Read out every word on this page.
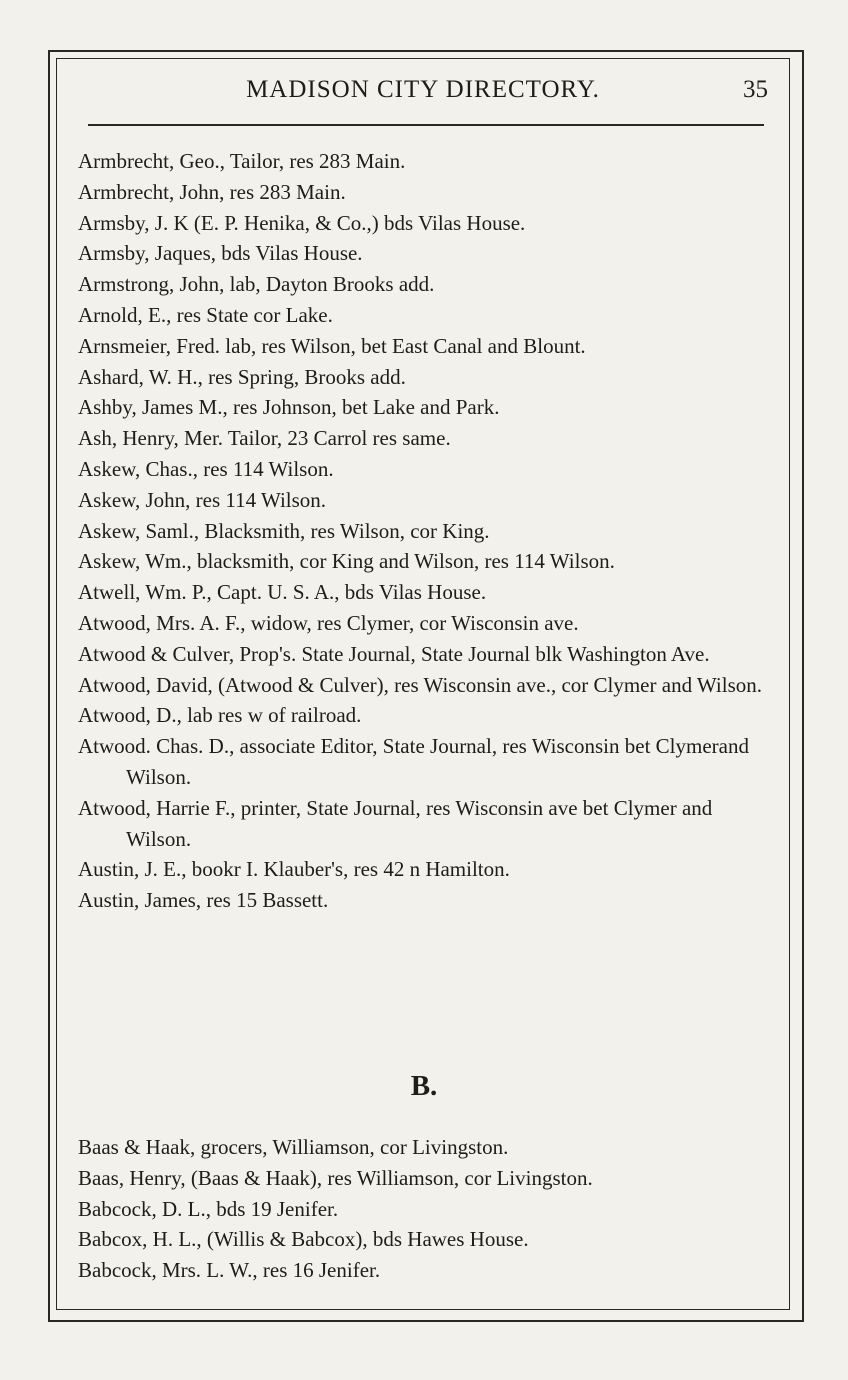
MADISON CITY DIRECTORY.	35
Armbrecht, Geo., Tailor, res 283 Main.
Armbrecht, John, res 283 Main.
Armsby, J. K (E. P. Henika, & Co.,) bds Vilas House.
Armsby, Jaques, bds Vilas House.
Armstrong, John, lab, Dayton Brooks add.
Arnold, E., res State cor Lake.
Arnsmeier, Fred. lab, res Wilson, bet East Canal and Blount.
Ashard, W. H., res Spring, Brooks add.
Ashby, James M., res Johnson, bet Lake and Park.
Ash, Henry, Mer. Tailor, 23 Carrol res same.
Askew, Chas., res 114 Wilson.
Askew, John, res 114 Wilson.
Askew, Saml., Blacksmith, res Wilson, cor King.
Askew, Wm., blacksmith, cor King and Wilson, res 114 Wilson.
Atwell, Wm. P., Capt. U. S. A., bds Vilas House.
Atwood, Mrs. A. F., widow, res Clymer, cor Wisconsin ave.
Atwood & Culver, Prop's. State Journal, State Journal blk Washington Ave.
Atwood, David, (Atwood & Culver), res Wisconsin ave., cor Clymer and Wilson.
Atwood, D., lab res w of railroad.
Atwood. Chas. D., associate Editor, State Journal, res Wisconsin bet Clymerand Wilson.
Atwood, Harrie F., printer, State Journal, res Wisconsin ave bet Clymer and Wilson.
Austin, J. E., bookr I. Klauber's, res 42 n Hamilton.
Austin, James, res 15 Bassett.
B.
Baas & Haak, grocers, Williamson, cor Livingston.
Baas, Henry, (Baas & Haak), res Williamson, cor Livingston.
Babcock, D. L., bds 19 Jenifer.
Babcox, H. L., (Willis & Babcox), bds Hawes House.
Babcock, Mrs. L. W., res 16 Jenifer.
